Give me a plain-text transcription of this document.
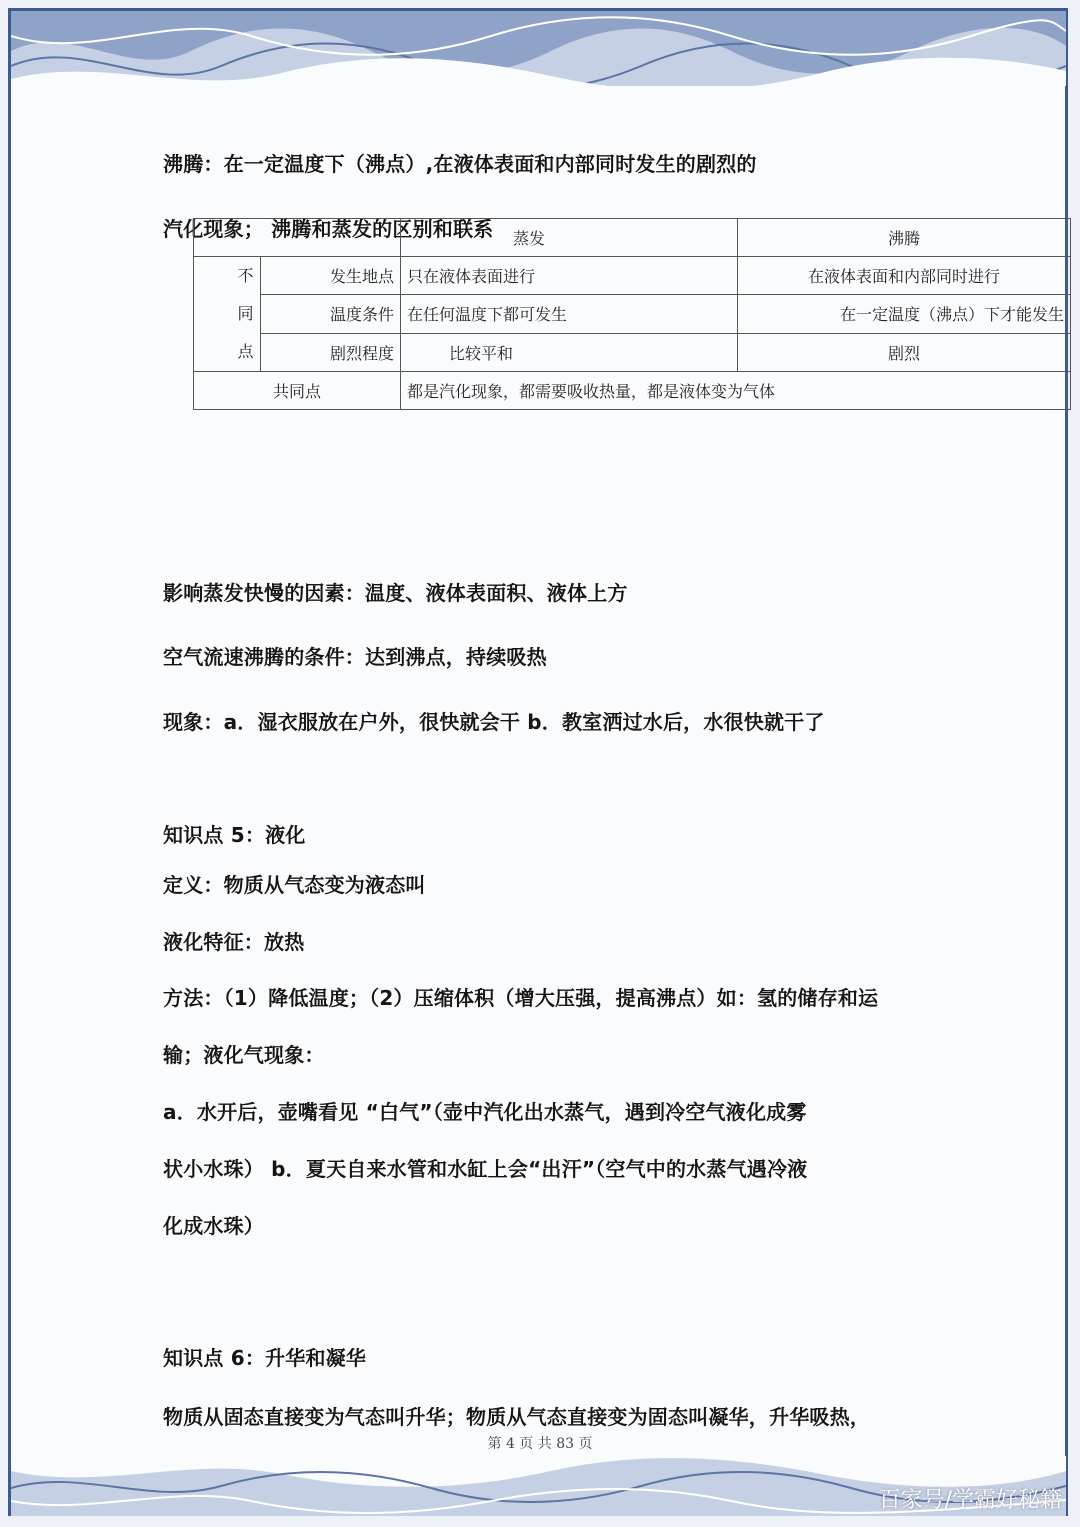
沸腾：在一定温度下（沸点）,在液体表面和内部同时发生的剧烈的
汽化现象； 沸腾和蒸发的区别和联系
		蒸发	沸腾

不
同
点	发生地点	只在液体表面进行	在液体表面和内部同时进行
	温度条件	在任何温度下都可发生	在一定温度（沸点）下才能发生
	剧烈程度	比较平和	剧烈
共同点		都是汽化现象，都需要吸收热量，都是液体变为气体	
影响蒸发快慢的因素：温度、液体表面积、液体上方
空气流速沸腾的条件：达到沸点，持续吸热
现象：a．湿衣服放在户外，很快就会干 b．教室洒过水后，水很快就干了
知识点 5：液化
定义：物质从气态变为液态叫
液化特征：放热
方法：（1）降低温度；（2）压缩体积（增大压强，提高沸点）如：氢的储存和运
输；液化气现象：
a．水开后，壶嘴看见 “白气”（壶中汽化出水蒸气，遇到冷空气液化成雾
状小水珠） b．夏天自来水管和水缸上会“出汗”（空气中的水蒸气遇冷液
化成水珠）
知识点 6：升华和凝华
物质从固态直接变为气态叫升华；物质从气态直接变为固态叫凝华，升华吸热，
第 4 页 共 83 页
百家号/学霸好秘籍
